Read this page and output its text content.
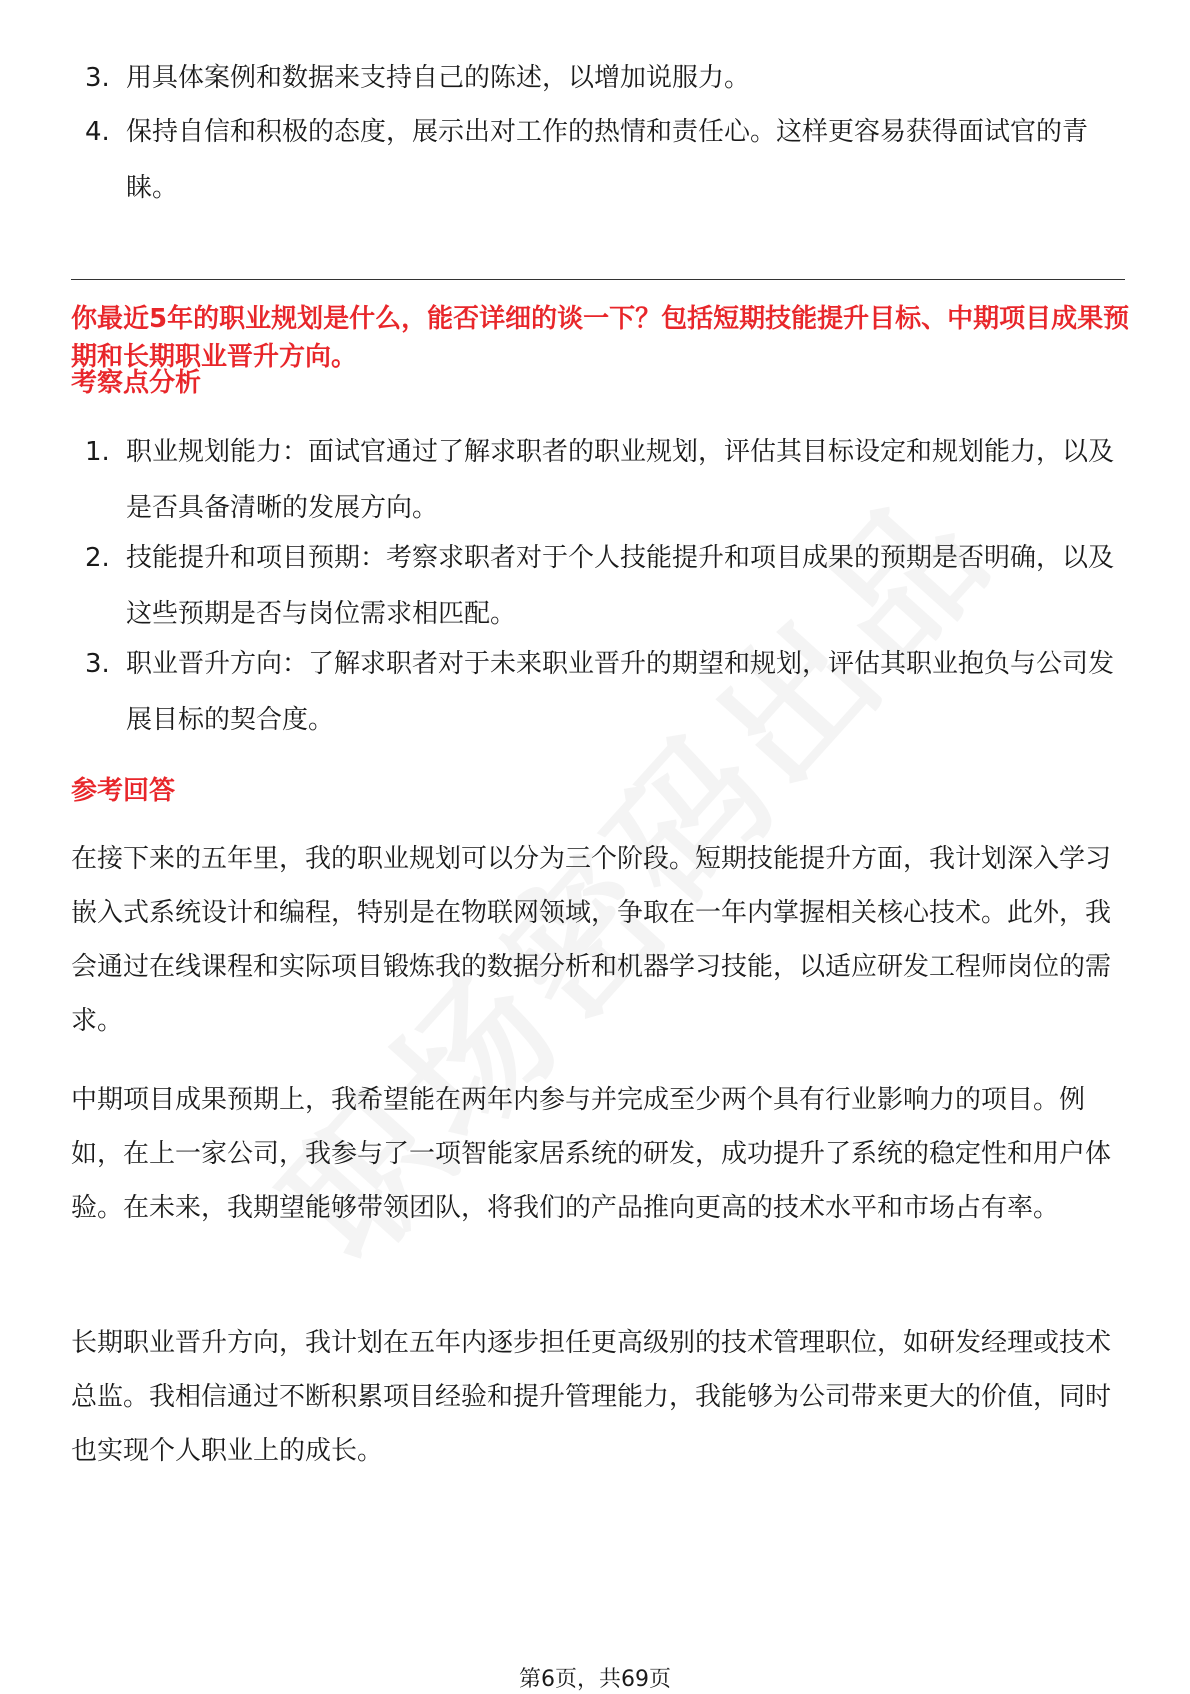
3. 用具体案例和数据来支持自己的陈述，以增加说服力。
4. 保持自信和积极的态度，展示出对工作的热情和责任心。这样更容易获得面试官的青睐。
你最近5年的职业规划是什么，能否详细的谈一下？包括短期技能提升目标、中期项目成果预期和长期职业晋升方向。
考察点分析
1. 职业规划能力：面试官通过了解求职者的职业规划，评估其目标设定和规划能力，以及是否具备清晰的发展方向。
2. 技能提升和项目预期：考察求职者对于个人技能提升和项目成果的预期是否明确，以及这些预期是否与岗位需求相匹配。
3. 职业晋升方向：了解求职者对于未来职业晋升的期望和规划，评估其职业抱负与公司发展目标的契合度。
参考回答
在接下来的五年里，我的职业规划可以分为三个阶段。短期技能提升方面，我计划深入学习嵌入式系统设计和编程，特别是在物联网领域，争取在一年内掌握相关核心技术。此外，我会通过在线课程和实际项目锻炼我的数据分析和机器学习技能，以适应研发工程师岗位的需求。
中期项目成果预期上，我希望能在两年内参与并完成至少两个具有行业影响力的项目。例如，在上一家公司，我参与了一项智能家居系统的研发，成功提升了系统的稳定性和用户体验。在未来，我期望能够带领团队，将我们的产品推向更高的技术水平和市场占有率。
长期职业晋升方向，我计划在五年内逐步担任更高级别的技术管理职位，如研发经理或技术总监。我相信通过不断积累项目经验和提升管理能力，我能够为公司带来更大的价值，同时也实现个人职业上的成长。
第6页，共69页
